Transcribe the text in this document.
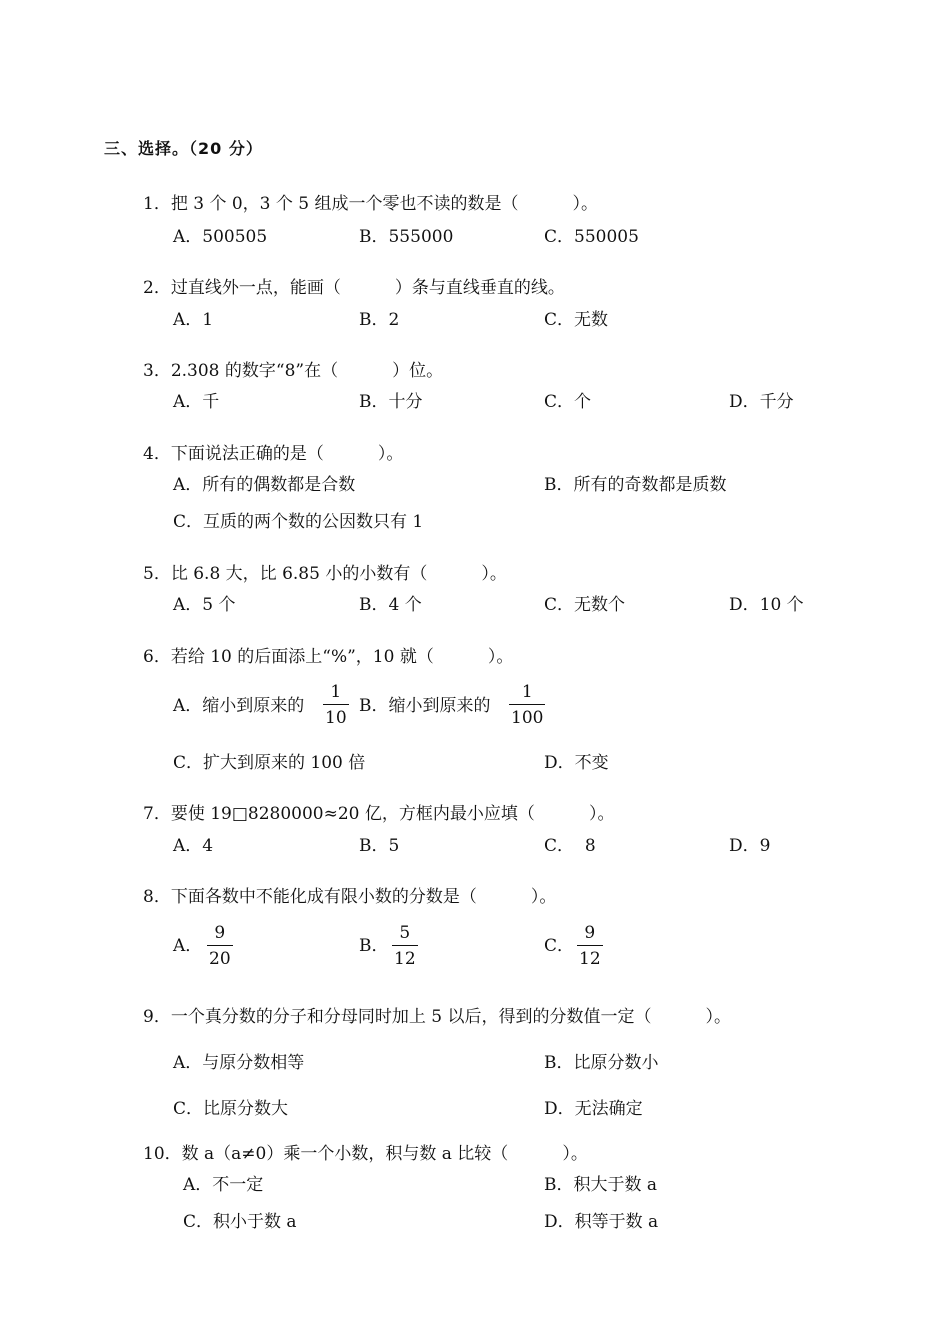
三、选择。（20 分）
1．把 3 个 0，3 个 5 组成一个零也不读的数是（          ）。
A．500505	B．555000	C．550005
2．过直线外一点，能画（          ）条与直线垂直的线。
A．1	B．2	C．无数
3．2.308 的数字“8”在（          ）位。
A．千	B．十分	C．个	D．千分
4．下面说法正确的是（          ）。
A．所有的偶数都是合数	B．所有的奇数都是质数
C．互质的两个数的公因数只有 1
5．比 6.8 大，比 6.85 小的小数有（          ）。
A．5 个	B．4 个	C．无数个	D．10 个
6．若给 10 的后面添上“%”，10 就（          ）。
A．缩小到原来的
1
10
B．缩小到原来的
1
100
C．扩大到原来的 100 倍	D．不变
7．要使 19□8280000≈20 亿，方框内最小应填（          ）。
A．4	B．5	C．  8	D．9
8．下面各数中不能化成有限小数的分数是（          ）。
A．
9
20
B．
5
12
C．
9
12
9．一个真分数的分子和分母同时加上 5 以后，得到的分数值一定（          ）。
A．与原分数相等	B．比原分数小
C．比原分数大	D．无法确定
10．数 a（a≠0）乘一个小数，积与数 a 比较（          ）。
A．不一定	B．积大于数 a
C．积小于数 a	D．积等于数 a
